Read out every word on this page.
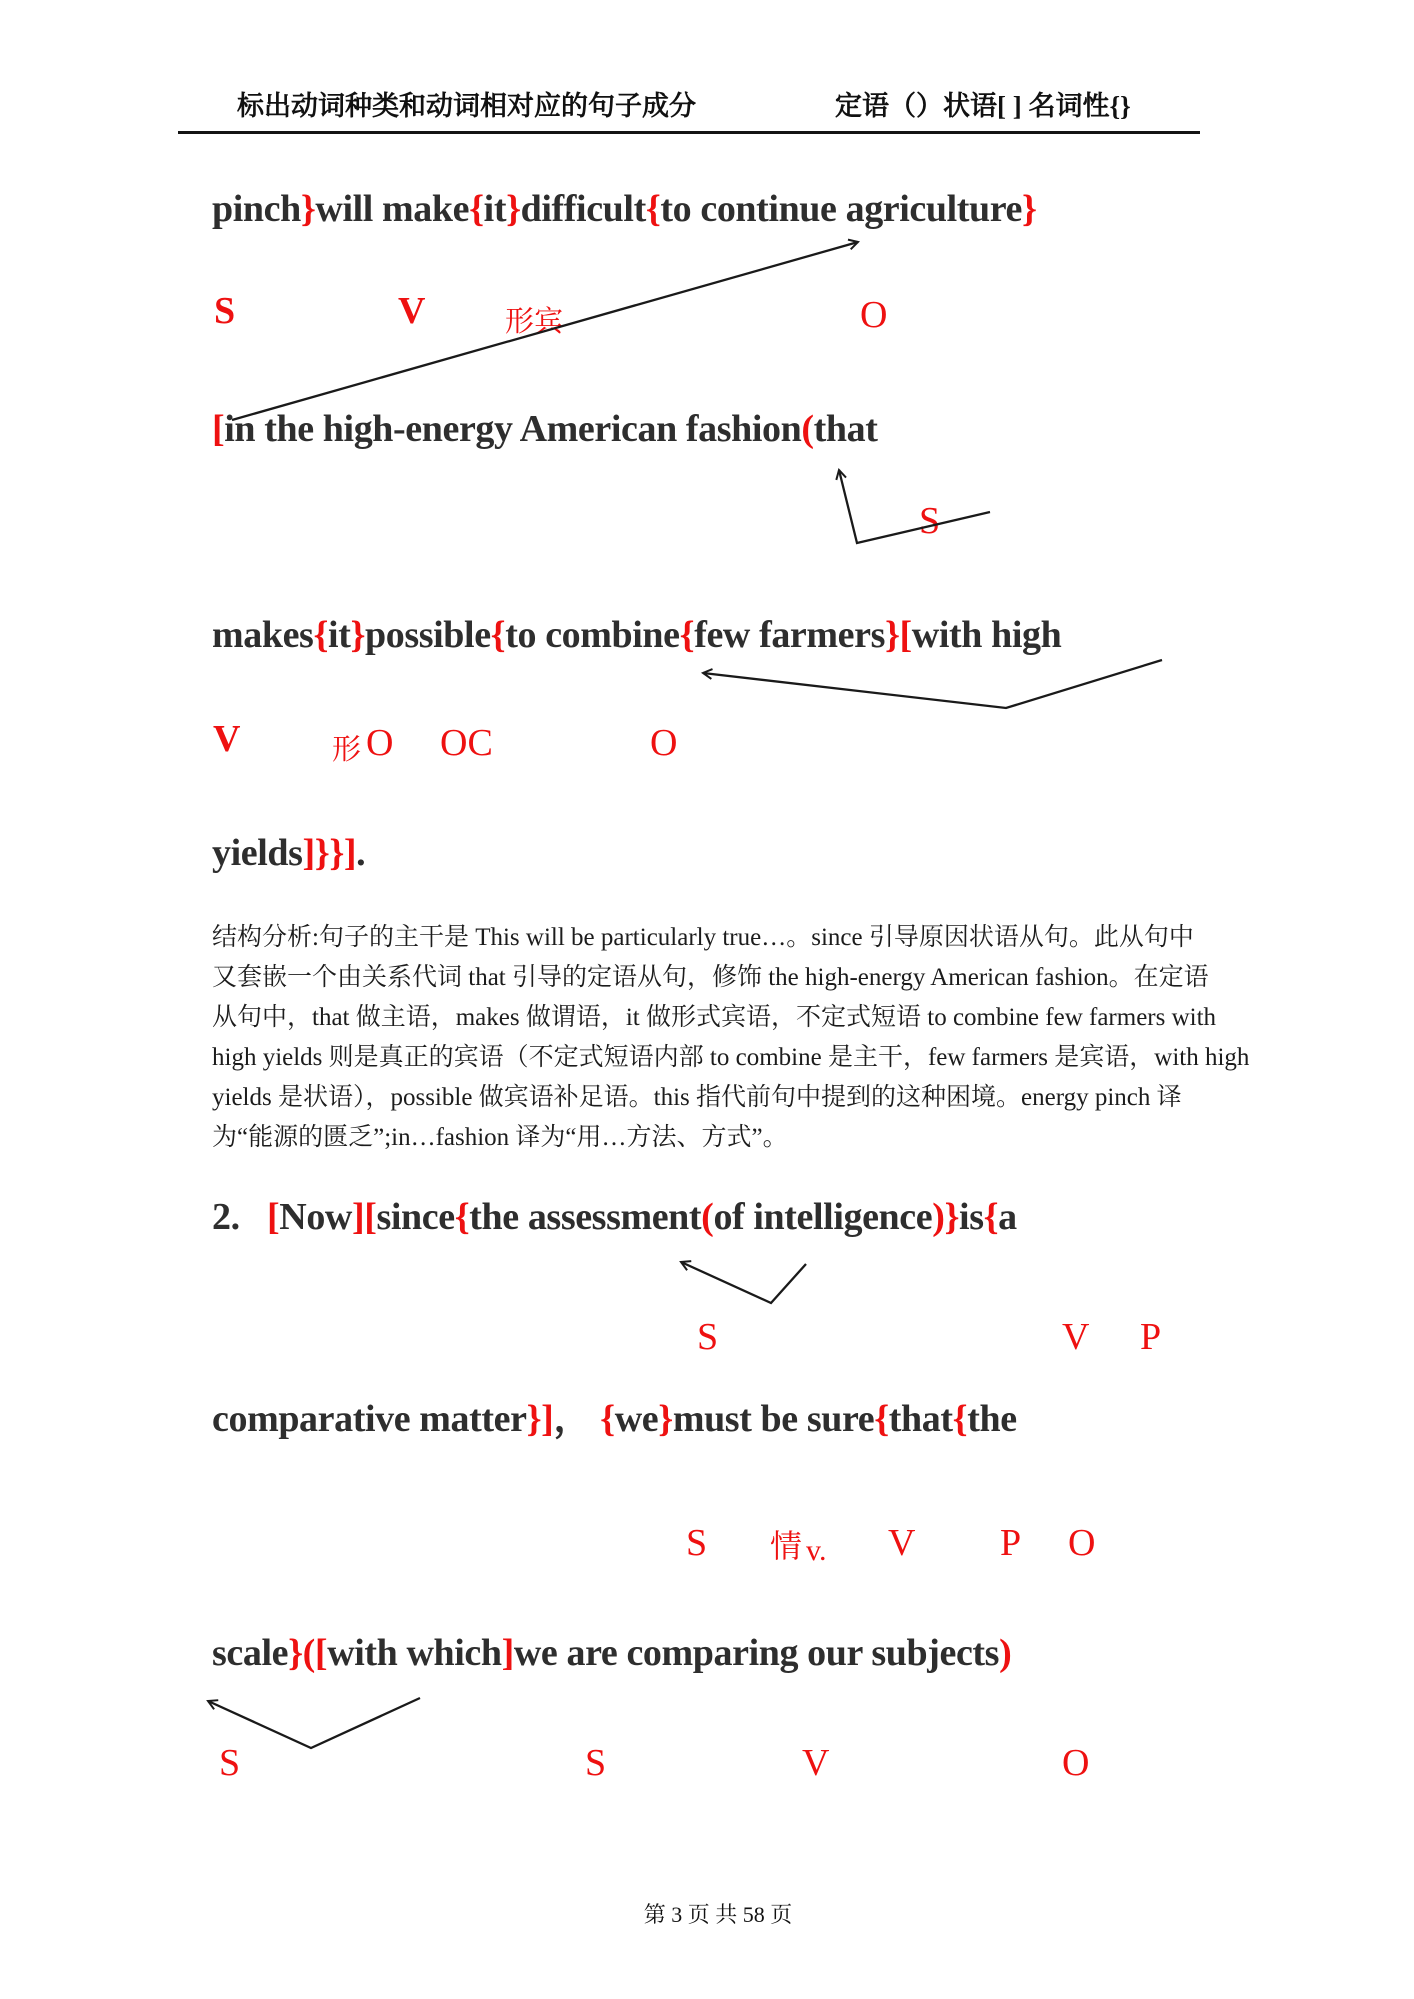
标出动词种类和动词相对应的句子成分	定语（）状语[ ] 名词性{}
pinch}will make{it}difficult{to continue agriculture}
[in the high-energy American fashion(that
makes{it}possible{to combine{few farmers}[with high
yields]}}].
2.   [Now][since{the assessment(of intelligence)}is{a
comparative matter}]， {we}must be sure{that{the
scale}([with which]we are comparing our subjects)
S	V	形宾	O
S
V	形 O OC	O
S	V P
S 情 v. V P O
S	S	V	O
结构分析:句子的主干是 This will be particularly true…。since 引导原因状语从句。此从句中
又套嵌一个由关系代词 that 引导的定语从句，修饰 the high-energy American fashion。在定语
从句中，that 做主语，makes 做谓语，it 做形式宾语，不定式短语 to combine few farmers with
high yields 则是真正的宾语（不定式短语内部 to combine 是主干，few farmers 是宾语，with high
yields 是状语），possible 做宾语补足语。this 指代前句中提到的这种困境。energy pinch 译
为“能源的匮乏”;in…fashion 译为“用…方法、方式”。

第 3 页 共 58 页
